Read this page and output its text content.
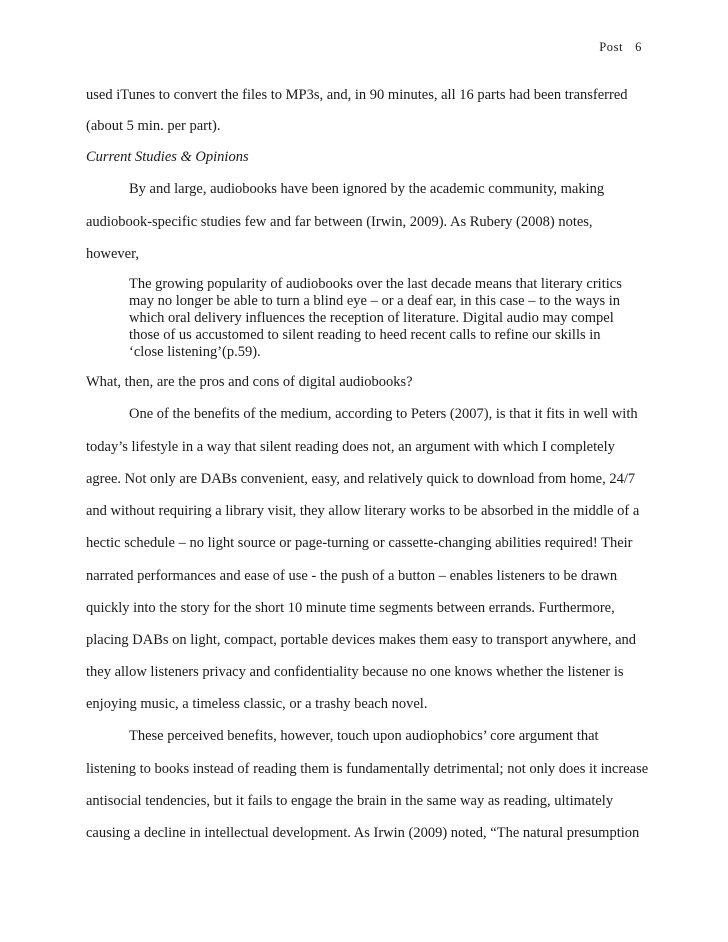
Post 6
used iTunes to convert the files to MP3s, and, in 90 minutes, all 16 parts had been transferred
(about 5 min. per part).
Current Studies & Opinions
By and large, audiobooks have been ignored by the academic community, making
audiobook-specific studies few and far between (Irwin, 2009). As Rubery (2008) notes,
however,
The growing popularity of audiobooks over the last decade means that literary critics
may no longer be able to turn a blind eye – or a deaf ear, in this case – to the ways in
which oral delivery influences the reception of literature. Digital audio may compel
those of us accustomed to silent reading to heed recent calls to refine our skills in
‘close listening’(p.59).
What, then, are the pros and cons of digital audiobooks?
One of the benefits of the medium, according to Peters (2007), is that it fits in well with
today’s lifestyle in a way that silent reading does not, an argument with which I completely
agree. Not only are DABs convenient, easy, and relatively quick to download from home, 24/7
and without requiring a library visit, they allow literary works to be absorbed in the middle of a
hectic schedule – no light source or page-turning or cassette-changing abilities required! Their
narrated performances and ease of use - the push of a button – enables listeners to be drawn
quickly into the story for the short 10 minute time segments between errands. Furthermore,
placing DABs on light, compact, portable devices makes them easy to transport anywhere, and
they allow listeners privacy and confidentiality because no one knows whether the listener is
enjoying music, a timeless classic, or a trashy beach novel.
These perceived benefits, however, touch upon audiophobics’ core argument that
listening to books instead of reading them is fundamentally detrimental; not only does it increase
antisocial tendencies, but it fails to engage the brain in the same way as reading, ultimately
causing a decline in intellectual development. As Irwin (2009) noted, “The natural presumption
